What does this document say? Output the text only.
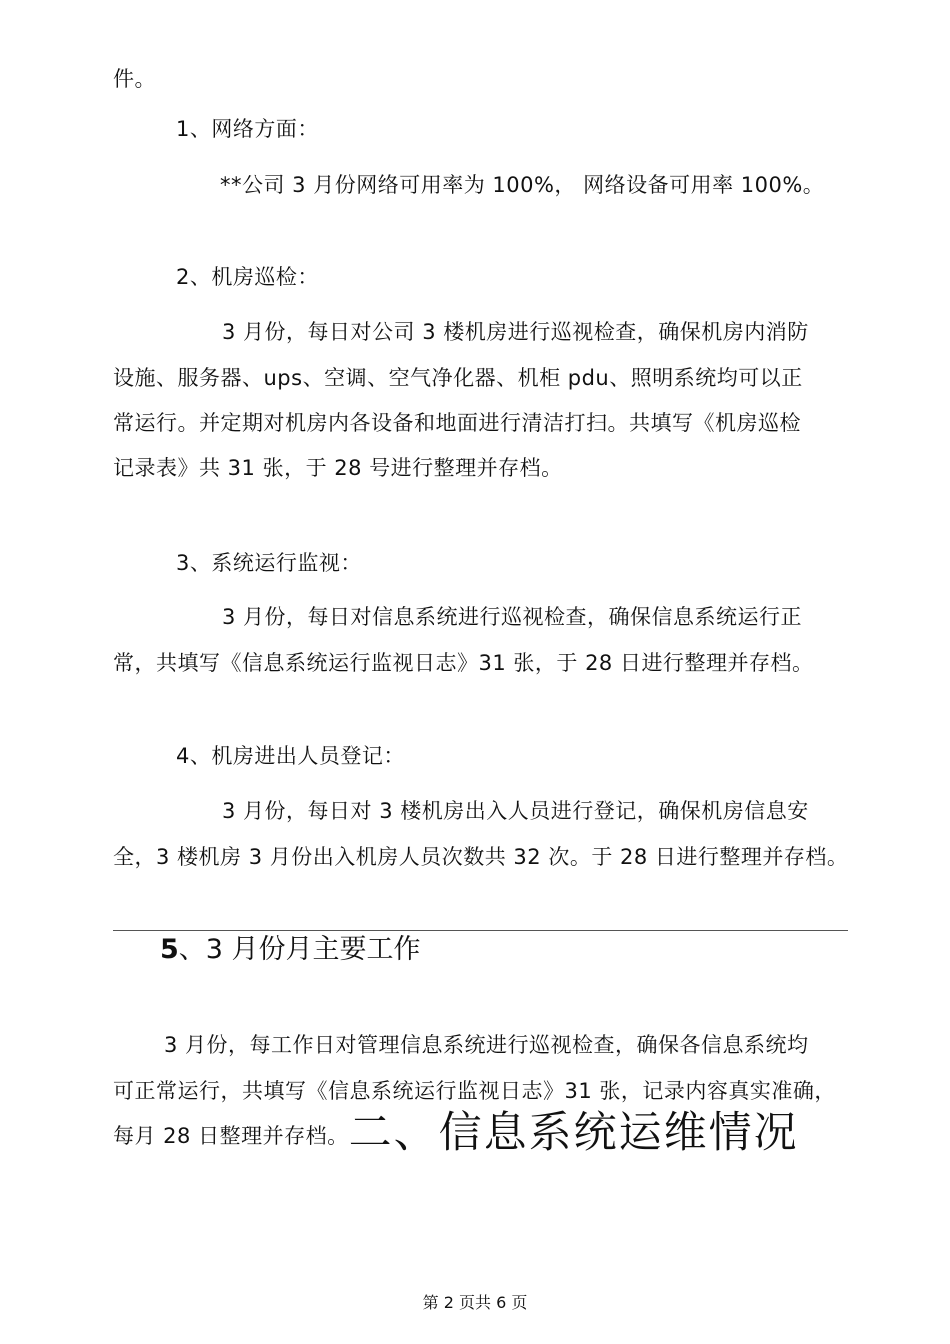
件。
1、网络方面：
**公司 3 月份网络可用率为 100%， 网络设备可用率 100%。
2、机房巡检：
3 月份，每日对公司 3 楼机房进行巡视检查，确保机房内消防
设施、服务器、ups、空调、空气净化器、机柜 pdu、照明系统均可以正
常运行。并定期对机房内各设备和地面进行清洁打扫。共填写《机房巡检
记录表》共 31 张，于 28 号进行整理并存档。
3、系统运行监视：
3 月份，每日对信息系统进行巡视检查，确保信息系统运行正
常，共填写《信息系统运行监视日志》31 张，于 28 日进行整理并存档。
4、机房进出人员登记：
3 月份，每日对 3 楼机房出入人员进行登记，确保机房信息安
全，3 楼机房 3 月份出入机房人员次数共 32 次。于 28 日进行整理并存档。
5、3 月份月主要工作
3 月份，每工作日对管理信息系统进行巡视检查，确保各信息系统均
可正常运行，共填写《信息系统运行监视日志》31 张，记录内容真实准确，
每月 28 日整理并存档。二、信息系统运维情况
第 2 页共 6 页
